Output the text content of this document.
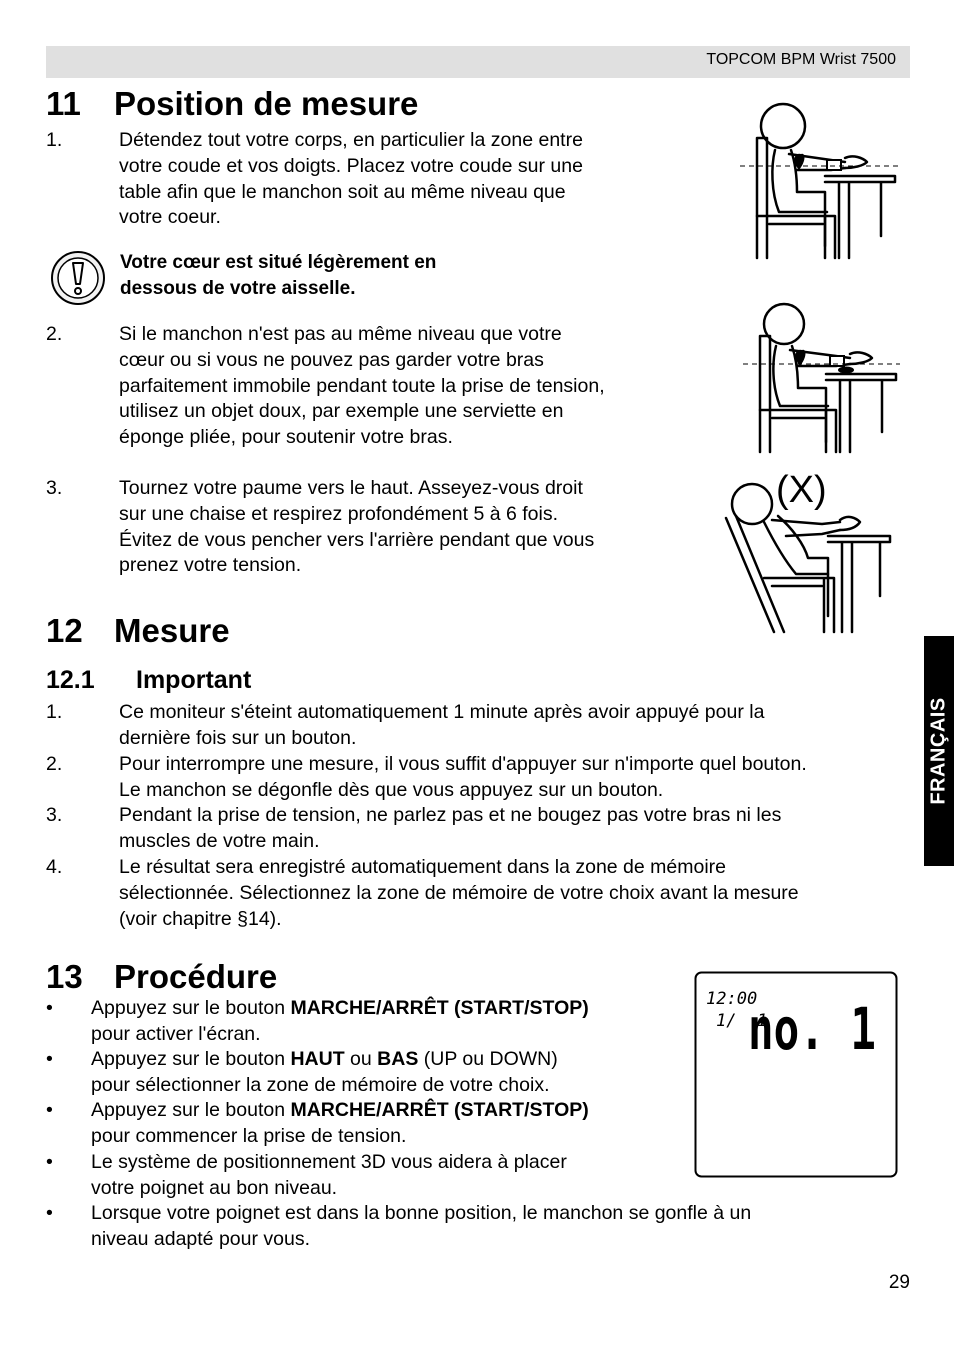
TOPCOM BPM Wrist 7500
11 Position de mesure
1.	Détendez tout votre corps, en particulier la zone entre
votre coude et vos doigts. Placez votre coude sur une
table afin que le manchon soit au même niveau que
votre coeur.
Votre cœur est situé légèrement en
dessous de votre aisselle.
2.	Si le manchon n'est pas au même niveau que votre
cœur ou si vous ne pouvez pas garder votre bras
parfaitement immobile pendant toute la prise de tension,
utilisez un objet doux, par exemple une serviette en
éponge pliée, pour soutenir votre bras.
3.	Tournez votre paume vers le haut. Asseyez-vous droit
sur une chaise et respirez profondément 5 à 6 fois.
Évitez de vous pencher vers l'arrière pendant que vous
prenez votre tension.
(X)
12 Mesure
12.1 Important
1.	Ce moniteur s'éteint automatiquement 1 minute après avoir appuyé pour la
dernière fois sur un bouton.
2.	Pour interrompre une mesure, il vous suffit d'appuyer sur n'importe quel bouton.
Le manchon se dégonfle dès que vous appuyez sur un bouton.
3.	Pendant la prise de tension, ne parlez pas et ne bougez pas votre bras ni les
muscles de votre main.
4.	Le résultat sera enregistré automatiquement dans la zone de mémoire
sélectionnée. Sélectionnez la zone de mémoire de votre choix avant la mesure
(voir chapitre §14).
13 Procédure
• Appuyez sur le bouton MARCHE/ARRÊT (START/STOP)
pour activer l'écran.
• Appuyez sur le bouton HAUT ou BAS (UP ou DOWN)
pour sélectionner la zone de mémoire de votre choix.
• Appuyez sur le bouton MARCHE/ARRÊT (START/STOP)
pour commencer la prise de tension.
• Le système de positionnement 3D vous aidera à placer
votre poignet au bon niveau.
• Lorsque votre poignet est dans la bonne position, le manchon se gonfle à un
niveau adapté pour vous.
12:00
1/  1
no. 1
FRANÇAIS
29
